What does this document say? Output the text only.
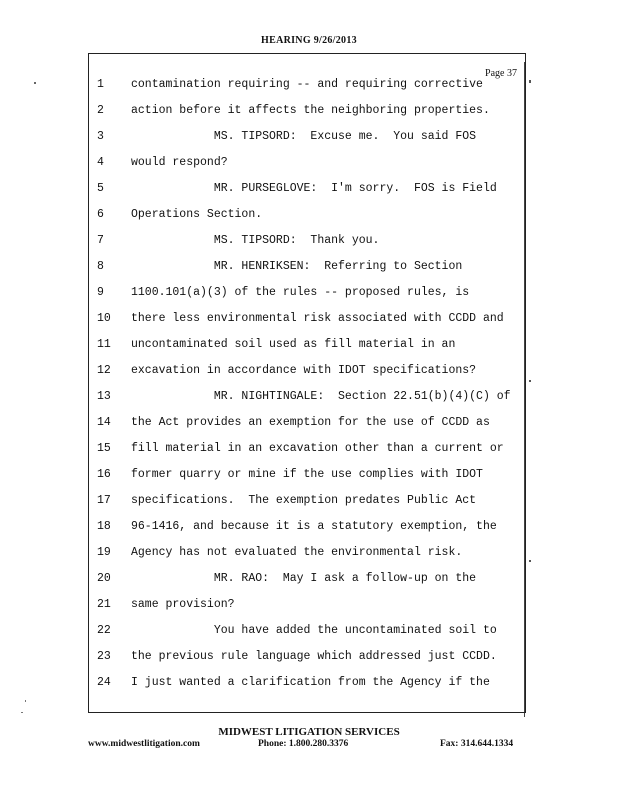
HEARING 9/26/2013
Page 37
1	contamination requiring -- and requiring corrective
2	action before it affects the neighboring properties.
3	MS. TIPSORD:  Excuse me.  You said FOS
4	would respond?
5	MR. PURSEGLOVE:  I'm sorry.  FOS is Field
6	Operations Section.
7	MS. TIPSORD:  Thank you.
8	MR. HENRIKSEN:  Referring to Section
9	1100.101(a)(3) of the rules -- proposed rules, is
10	there less environmental risk associated with CCDD and
11	uncontaminated soil used as fill material in an
12	excavation in accordance with IDOT specifications?
13	MR. NIGHTINGALE:  Section 22.51(b)(4)(C) of
14	the Act provides an exemption for the use of CCDD as
15	fill material in an excavation other than a current or
16	former quarry or mine if the use complies with IDOT
17	specifications.  The exemption predates Public Act
18	96-1416, and because it is a statutory exemption, the
19	Agency has not evaluated the environmental risk.
20	MR. RAO:  May I ask a follow-up on the
21	same provision?
22	You have added the uncontaminated soil to
23	the previous rule language which addressed just CCDD.
24	I just wanted a clarification from the Agency if the
MIDWEST LITIGATION SERVICES
www.midwestlitigation.com	Phone: 1.800.280.3376	Fax: 314.644.1334
